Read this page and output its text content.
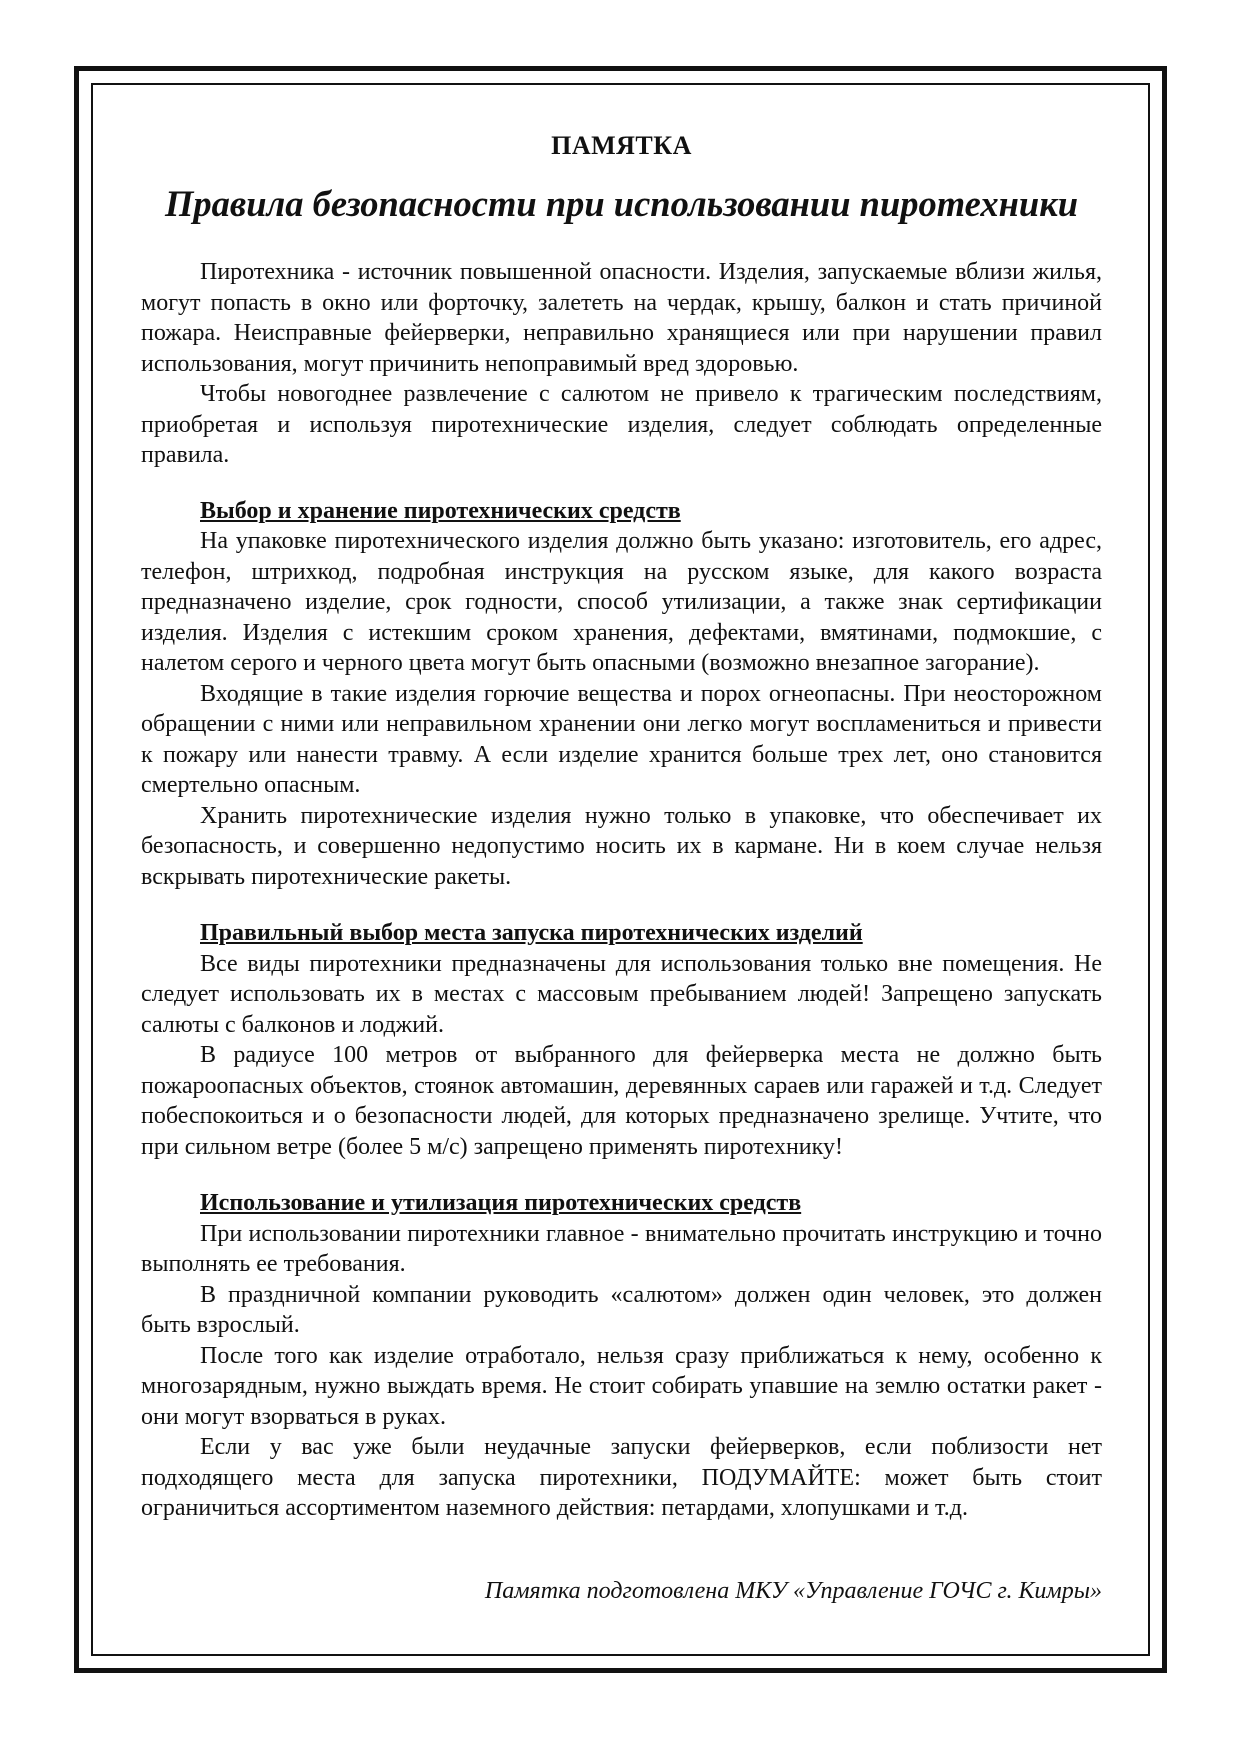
ПАМЯТКА
Правила безопасности при использовании пиротехники

Пиротехника - источник повышенной опасности. Изделия, запускаемые вблизи жилья, могут попасть в окно или форточку, залететь на чердак, крышу, балкон и стать причиной пожара. Неисправные фейерверки, неправильно хранящиеся или при нарушении правил использования, могут причинить непоправимый вред здоровью.

Чтобы новогоднее развлечение с салютом не привело к трагическим последствиям, приобретая и используя пиротехнические изделия, следует соблюдать определенные правила.

Выбор и хранение пиротехнических средств

На упаковке пиротехнического изделия должно быть указано: изготовитель, его адрес, телефон, штрихкод, подробная инструкция на русском языке, для какого возраста предназначено изделие, срок годности, способ утилизации, а также знак сертификации изделия. Изделия с истекшим сроком хранения, дефектами, вмятинами, подмокшие, с налетом серого и черного цвета могут быть опасными (возможно внезапное загорание).

Входящие в такие изделия горючие вещества и порох огнеопасны. При неосторожном обращении с ними или неправильном хранении они легко могут воспламениться и привести к пожару или нанести травму. А если изделие хранится больше трех лет, оно становится смертельно опасным.

Хранить пиротехнические изделия нужно только в упаковке, что обеспечивает их безопасность, и совершенно недопустимо носить их в кармане. Ни в коем случае нельзя вскрывать пиротехнические ракеты.

Правильный выбор места запуска пиротехнических изделий

Все виды пиротехники предназначены для использования только вне помещения. Не следует использовать их в местах с массовым пребыванием людей! Запрещено запускать салюты с балконов и лоджий.

В радиусе 100 метров от выбранного для фейерверка места не должно быть пожароопасных объектов, стоянок автомашин, деревянных сараев или гаражей и т.д. Следует побеспокоиться и о безопасности людей, для которых предназначено зрелище. Учтите, что при сильном ветре (более 5 м/с) запрещено применять пиротехнику!

Использование и утилизация пиротехнических средств

При использовании пиротехники главное - внимательно прочитать инструкцию и точно выполнять ее требования.

В праздничной компании руководить «салютом» должен один человек, это должен быть взрослый.

После того как изделие отработало, нельзя сразу приближаться к нему, особенно к многозарядным, нужно выждать время. Не стоит собирать упавшие на землю остатки ракет - они могут взорваться в руках.

Если у вас уже были неудачные запуски фейерверков, если поблизости нет подходящего места для запуска пиротехники, ПОДУМАЙТЕ: может быть стоит ограничиться ассортиментом наземного действия: петардами, хлопушками и т.д.

Памятка подготовлена МКУ «Управление ГОЧС г. Кимры»
